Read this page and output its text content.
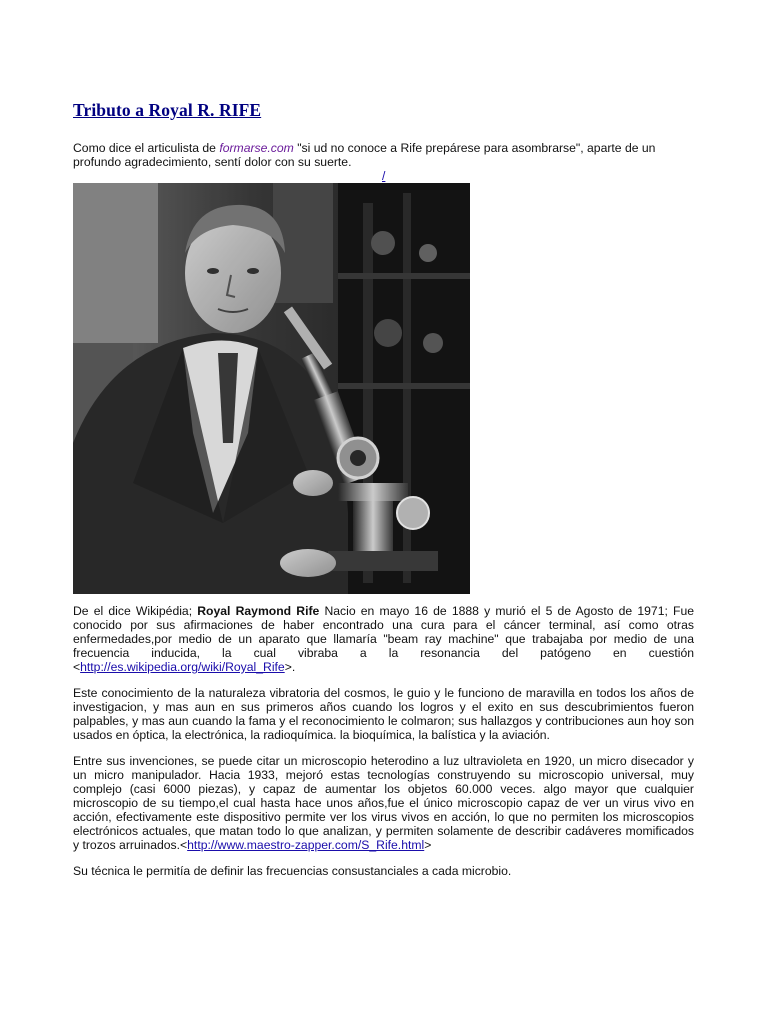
Tributo a Royal R. RIFE

Como dice el articulista de formarse.com "si ud no conoce a Rife prepárese para asombrarse", aparte de un profundo agradecimiento, sentí dolor con su suerte.

/

De el dice Wikipédia; Royal Raymond Rife Nacio en mayo 16 de 1888 y murió el 5 de Agosto de 1971; Fue conocido por sus afirmaciones de haber encontrado una cura para el cáncer terminal, así como otras enfermedades,por medio de un aparato que llamaría "beam ray machine" que trabajaba por medio de una frecuencia inducida, la cual vibraba a la resonancia del patógeno en cuestión <http://es.wikipedia.org/wiki/Royal_Rife>.

Este conocimiento de la naturaleza vibratoria del cosmos, le guio y le funciono de maravilla en todos los años de investigacion, y mas aun en sus primeros años cuando los logros y el exito en sus descubrimientos fueron palpables, y mas aun cuando la fama y el reconocimiento le colmaron; sus hallazgos y contribuciones aun hoy son usados en óptica, la electrónica, la radioquímica. la bioquímica, la balística y la aviación.

Entre sus invenciones, se puede citar un microscopio heterodino a luz ultravioleta en 1920, un micro disecador y un micro manipulador. Hacia 1933, mejoró estas tecnologías construyendo su microscopio universal, muy complejo (casi 6000 piezas), y capaz de aumentar los objetos 60.000 veces. algo mayor que cualquier microscopio de su tiempo,el cual hasta hace unos años,fue el único microscopio capaz de ver un virus vivo en acción, efectivamente este dispositivo permite ver los virus vivos en acción, lo que no permiten los microscopios electrónicos actuales, que matan todo lo que analizan, y permiten solamente de describir cadáveres momificados y trozos arruinados.<http://www.maestro-zapper.com/S_Rife.html>

Su técnica le permitía de definir las frecuencias consustanciales a cada microbio.
